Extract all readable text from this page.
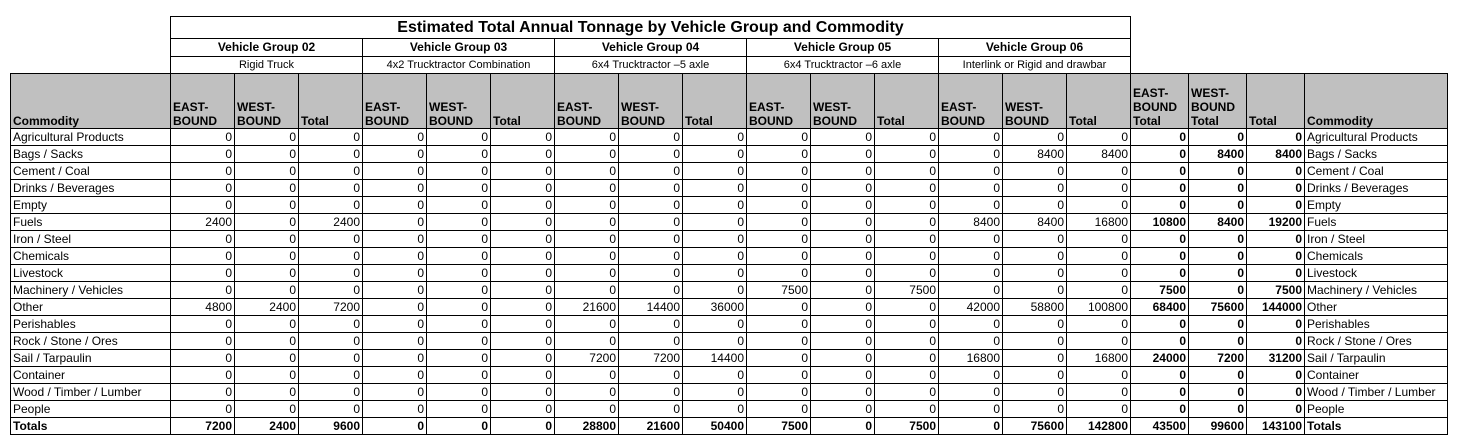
	Estimated Total Annual Tonnage by Vehicle Group and Commodity																		
	Vehicle Group 02			Vehicle Group 03			Vehicle Group 04			Vehicle Group 05			Vehicle Group 06						
	Rigid Truck			4x2 Trucktractor Combination			6x4 Trucktractor –5 axle			6x4 Trucktractor –6 axle			Interlink or Rigid and drawbar						
Commodity	EAST-BOUND	WEST-BOUND	Total	EAST-BOUND	WEST-BOUND	Total	EAST-BOUND	WEST-BOUND	Total	EAST-BOUND	WEST-BOUND	Total	EAST-BOUND	WEST-BOUND	Total	EAST-BOUND Total	WEST-BOUND Total	Total	Commodity
Agricultural Products	0	0	0	0	0	0	0	0	0	0	0	0	0	0	0	0	0	0	Agricultural Products
Bags / Sacks	0	0	0	0	0	0	0	0	0	0	0	0	0	8400	8400	0	8400	8400	Bags / Sacks
Cement / Coal	0	0	0	0	0	0	0	0	0	0	0	0	0	0	0	0	0	0	Cement / Coal
Drinks / Beverages	0	0	0	0	0	0	0	0	0	0	0	0	0	0	0	0	0	0	Drinks / Beverages
Empty	0	0	0	0	0	0	0	0	0	0	0	0	0	0	0	0	0	0	Empty
Fuels	2400	0	2400	0	0	0	0	0	0	0	0	0	8400	8400	16800	10800	8400	19200	Fuels
Iron / Steel	0	0	0	0	0	0	0	0	0	0	0	0	0	0	0	0	0	0	Iron / Steel
Chemicals	0	0	0	0	0	0	0	0	0	0	0	0	0	0	0	0	0	0	Chemicals
Livestock	0	0	0	0	0	0	0	0	0	0	0	0	0	0	0	0	0	0	Livestock
Machinery / Vehicles	0	0	0	0	0	0	0	0	0	7500	0	7500	0	0	0	7500	0	7500	Machinery / Vehicles
Other	4800	2400	7200	0	0	0	21600	14400	36000	0	0	0	42000	58800	100800	68400	75600	144000	Other
Perishables	0	0	0	0	0	0	0	0	0	0	0	0	0	0	0	0	0	0	Perishables
Rock / Stone / Ores	0	0	0	0	0	0	0	0	0	0	0	0	0	0	0	0	0	0	Rock / Stone / Ores
Sail / Tarpaulin	0	0	0	0	0	0	7200	7200	14400	0	0	0	16800	0	16800	24000	7200	31200	Sail / Tarpaulin
Container	0	0	0	0	0	0	0	0	0	0	0	0	0	0	0	0	0	0	Container
Wood / Timber / Lumber	0	0	0	0	0	0	0	0	0	0	0	0	0	0	0	0	0	0	Wood / Timber / Lumber
People	0	0	0	0	0	0	0	0	0	0	0	0	0	0	0	0	0	0	People
Totals	7200	2400	9600	0	0	0	28800	21600	50400	7500	0	7500	0	75600	142800	43500	99600	143100	Totals
